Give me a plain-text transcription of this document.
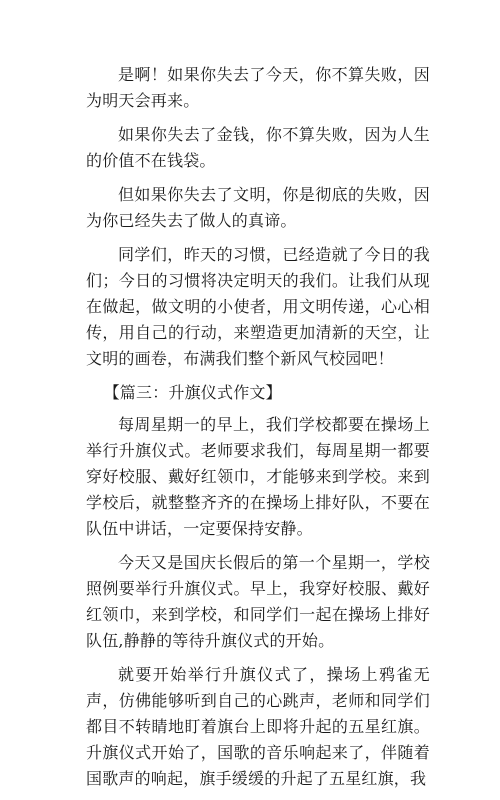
是啊！如果你失去了今天，你不算失败，因为明天会再来。

如果你失去了金钱，你不算失败，因为人生的价值不在钱袋。

但如果你失去了文明，你是彻底的失败，因为你已经失去了做人的真谛。

同学们，昨天的习惯，已经造就了今日的我们；今日的习惯将决定明天的我们。让我们从现在做起，做文明的小使者，用文明传递，心心相传，用自己的行动，来塑造更加清新的天空，让文明的画卷，布满我们整个新风气校园吧！

【篇三：升旗仪式作文】

每周星期一的早上，我们学校都要在操场上举行升旗仪式。老师要求我们，每周星期一都要穿好校服、戴好红领巾，才能够来到学校。来到学校后，就整整齐齐的在操场上排好队，不要在队伍中讲话，一定要保持安静。

今天又是国庆长假后的第一个星期一，学校照例要举行升旗仪式。早上，我穿好校服、戴好红领巾，来到学校，和同学们一起在操场上排好队伍,静静的等待升旗仪式的开始。

就要开始举行升旗仪式了，操场上鸦雀无声，仿佛能够听到自己的心跳声，老师和同学们都目不转睛地盯着旗台上即将升起的五星红旗。升旗仪式开始了，国歌的音乐响起来了，伴随着国歌声的响起，旗手缓缓的升起了五星红旗，我
